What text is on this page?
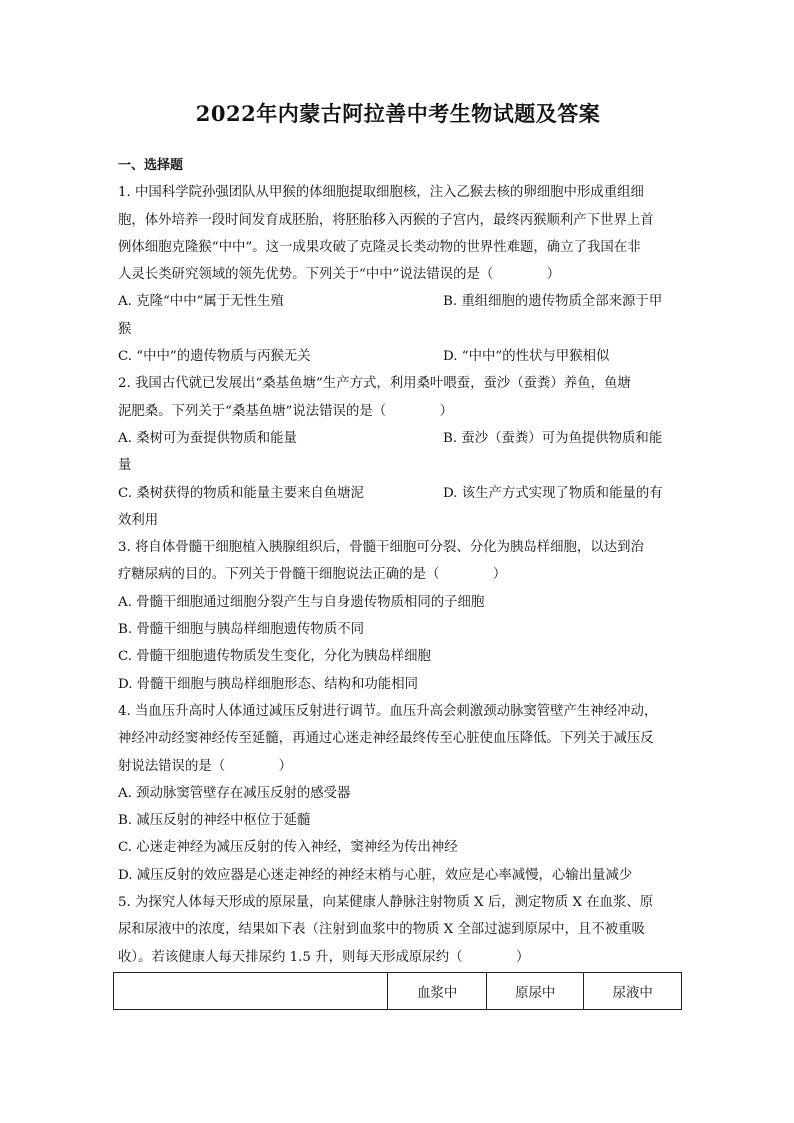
2022年内蒙古阿拉善中考生物试题及答案
一、选择题
1. 中国科学院孙强团队从甲猴的体细胞提取细胞核，注入乙猴去核的卵细胞中形成重组细
胞，体外培养一段时间发育成胚胎，将胚胎移入丙猴的子宫内，最终丙猴顺利产下世界上首
例体细胞克隆猴“中中”。这一成果攻破了克隆灵长类动物的世界性难题，确立了我国在非
人灵长类研究领域的领先优势。下列关于“中中”说法错误的是（　　　　）
A. 克隆“中中”属于无性生殖	B. 重组细胞的遗传物质全部来源于甲
猴
C. “中中”的遗传物质与丙猴无关	D. “中中”的性状与甲猴相似
2. 我国古代就已发展出“桑基鱼塘”生产方式，利用桑叶喂蚕，蚕沙（蚕粪）养鱼，鱼塘
泥肥桑。下列关于“桑基鱼塘”说法错误的是（　　　　）
A. 桑树可为蚕提供物质和能量	B. 蚕沙（蚕粪）可为鱼提供物质和能
量
C. 桑树获得的物质和能量主要来自鱼塘泥	D. 该生产方式实现了物质和能量的有
效利用
3. 将自体骨髓干细胞植入胰腺组织后，骨髓干细胞可分裂、分化为胰岛样细胞，以达到治
疗糖尿病的目的。下列关于骨髓干细胞说法正确的是（　　　　）
A. 骨髓干细胞通过细胞分裂产生与自身遗传物质相同的子细胞
B. 骨髓干细胞与胰岛样细胞遗传物质不同
C. 骨髓干细胞遗传物质发生变化，分化为胰岛样细胞
D. 骨髓干细胞与胰岛样细胞形态、结构和功能相同
4. 当血压升高时人体通过减压反射进行调节。血压升高会刺激颈动脉窦管壁产生神经冲动，
神经冲动经窦神经传至延髓，再通过心迷走神经最终传至心脏使血压降低。下列关于减压反
射说法错误的是（　　　　）
A. 颈动脉窦管壁存在减压反射的感受器
B. 减压反射的神经中枢位于延髓
C. 心迷走神经为减压反射的传入神经，窦神经为传出神经
D. 减压反射的效应器是心迷走神经的神经末梢与心脏，效应是心率减慢，心输出量减少
5. 为探究人体每天形成的原尿量，向某健康人静脉注射物质 X 后，测定物质 X 在血浆、原
尿和尿液中的浓度，结果如下表（注射到血浆中的物质 X 全部过滤到原尿中，且不被重吸
收）。若该健康人每天排尿约 1.5 升，则每天形成原尿约（　　　　）
	血浆中	原尿中	尿液中
